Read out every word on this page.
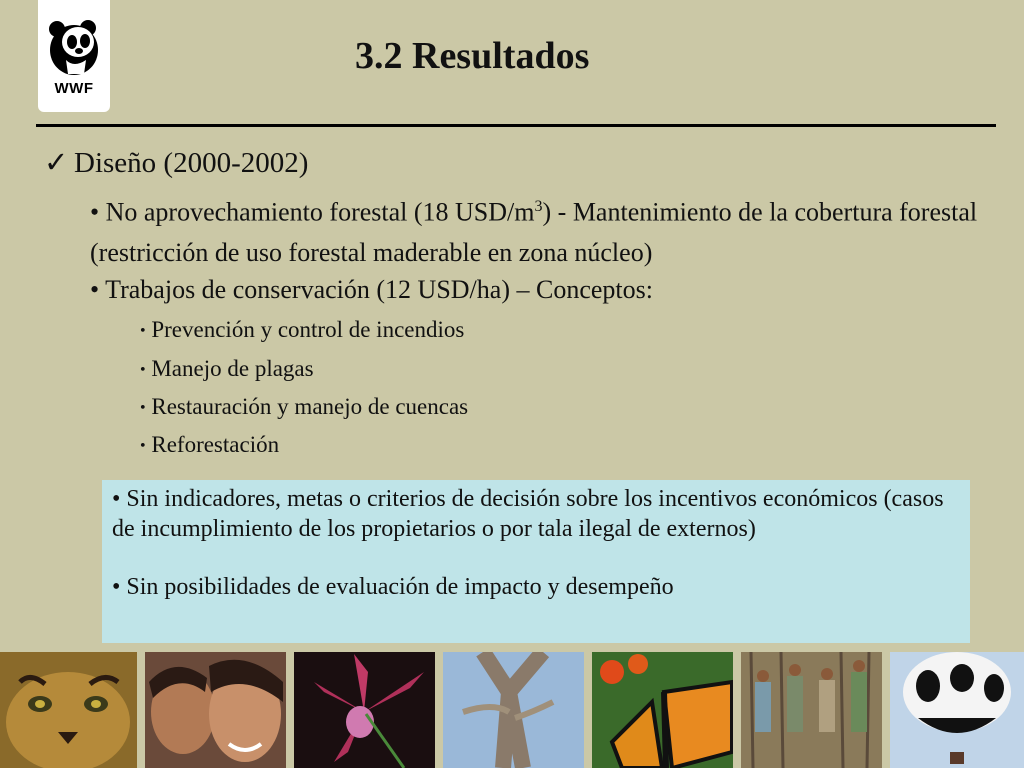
WWF
3.2 Resultados
✓ Diseño (2000-2002)
• No aprovechamiento forestal (18 USD/$m^3$) - Mantenimiento de la cobertura forestal (restricción de uso forestal maderable en zona núcleo)
• Trabajos de conservación (12 USD/ha) – Conceptos:
• Prevención y control de incendios
• Manejo de plagas
• Restauración y manejo de cuencas
• Reforestación

• Sin indicadores, metas o criterios de decisión sobre los incentivos económicos (casos de incumplimiento de los propietarios o por tala ilegal de externos)

• Sin posibilidades de evaluación de impacto y desempeño
